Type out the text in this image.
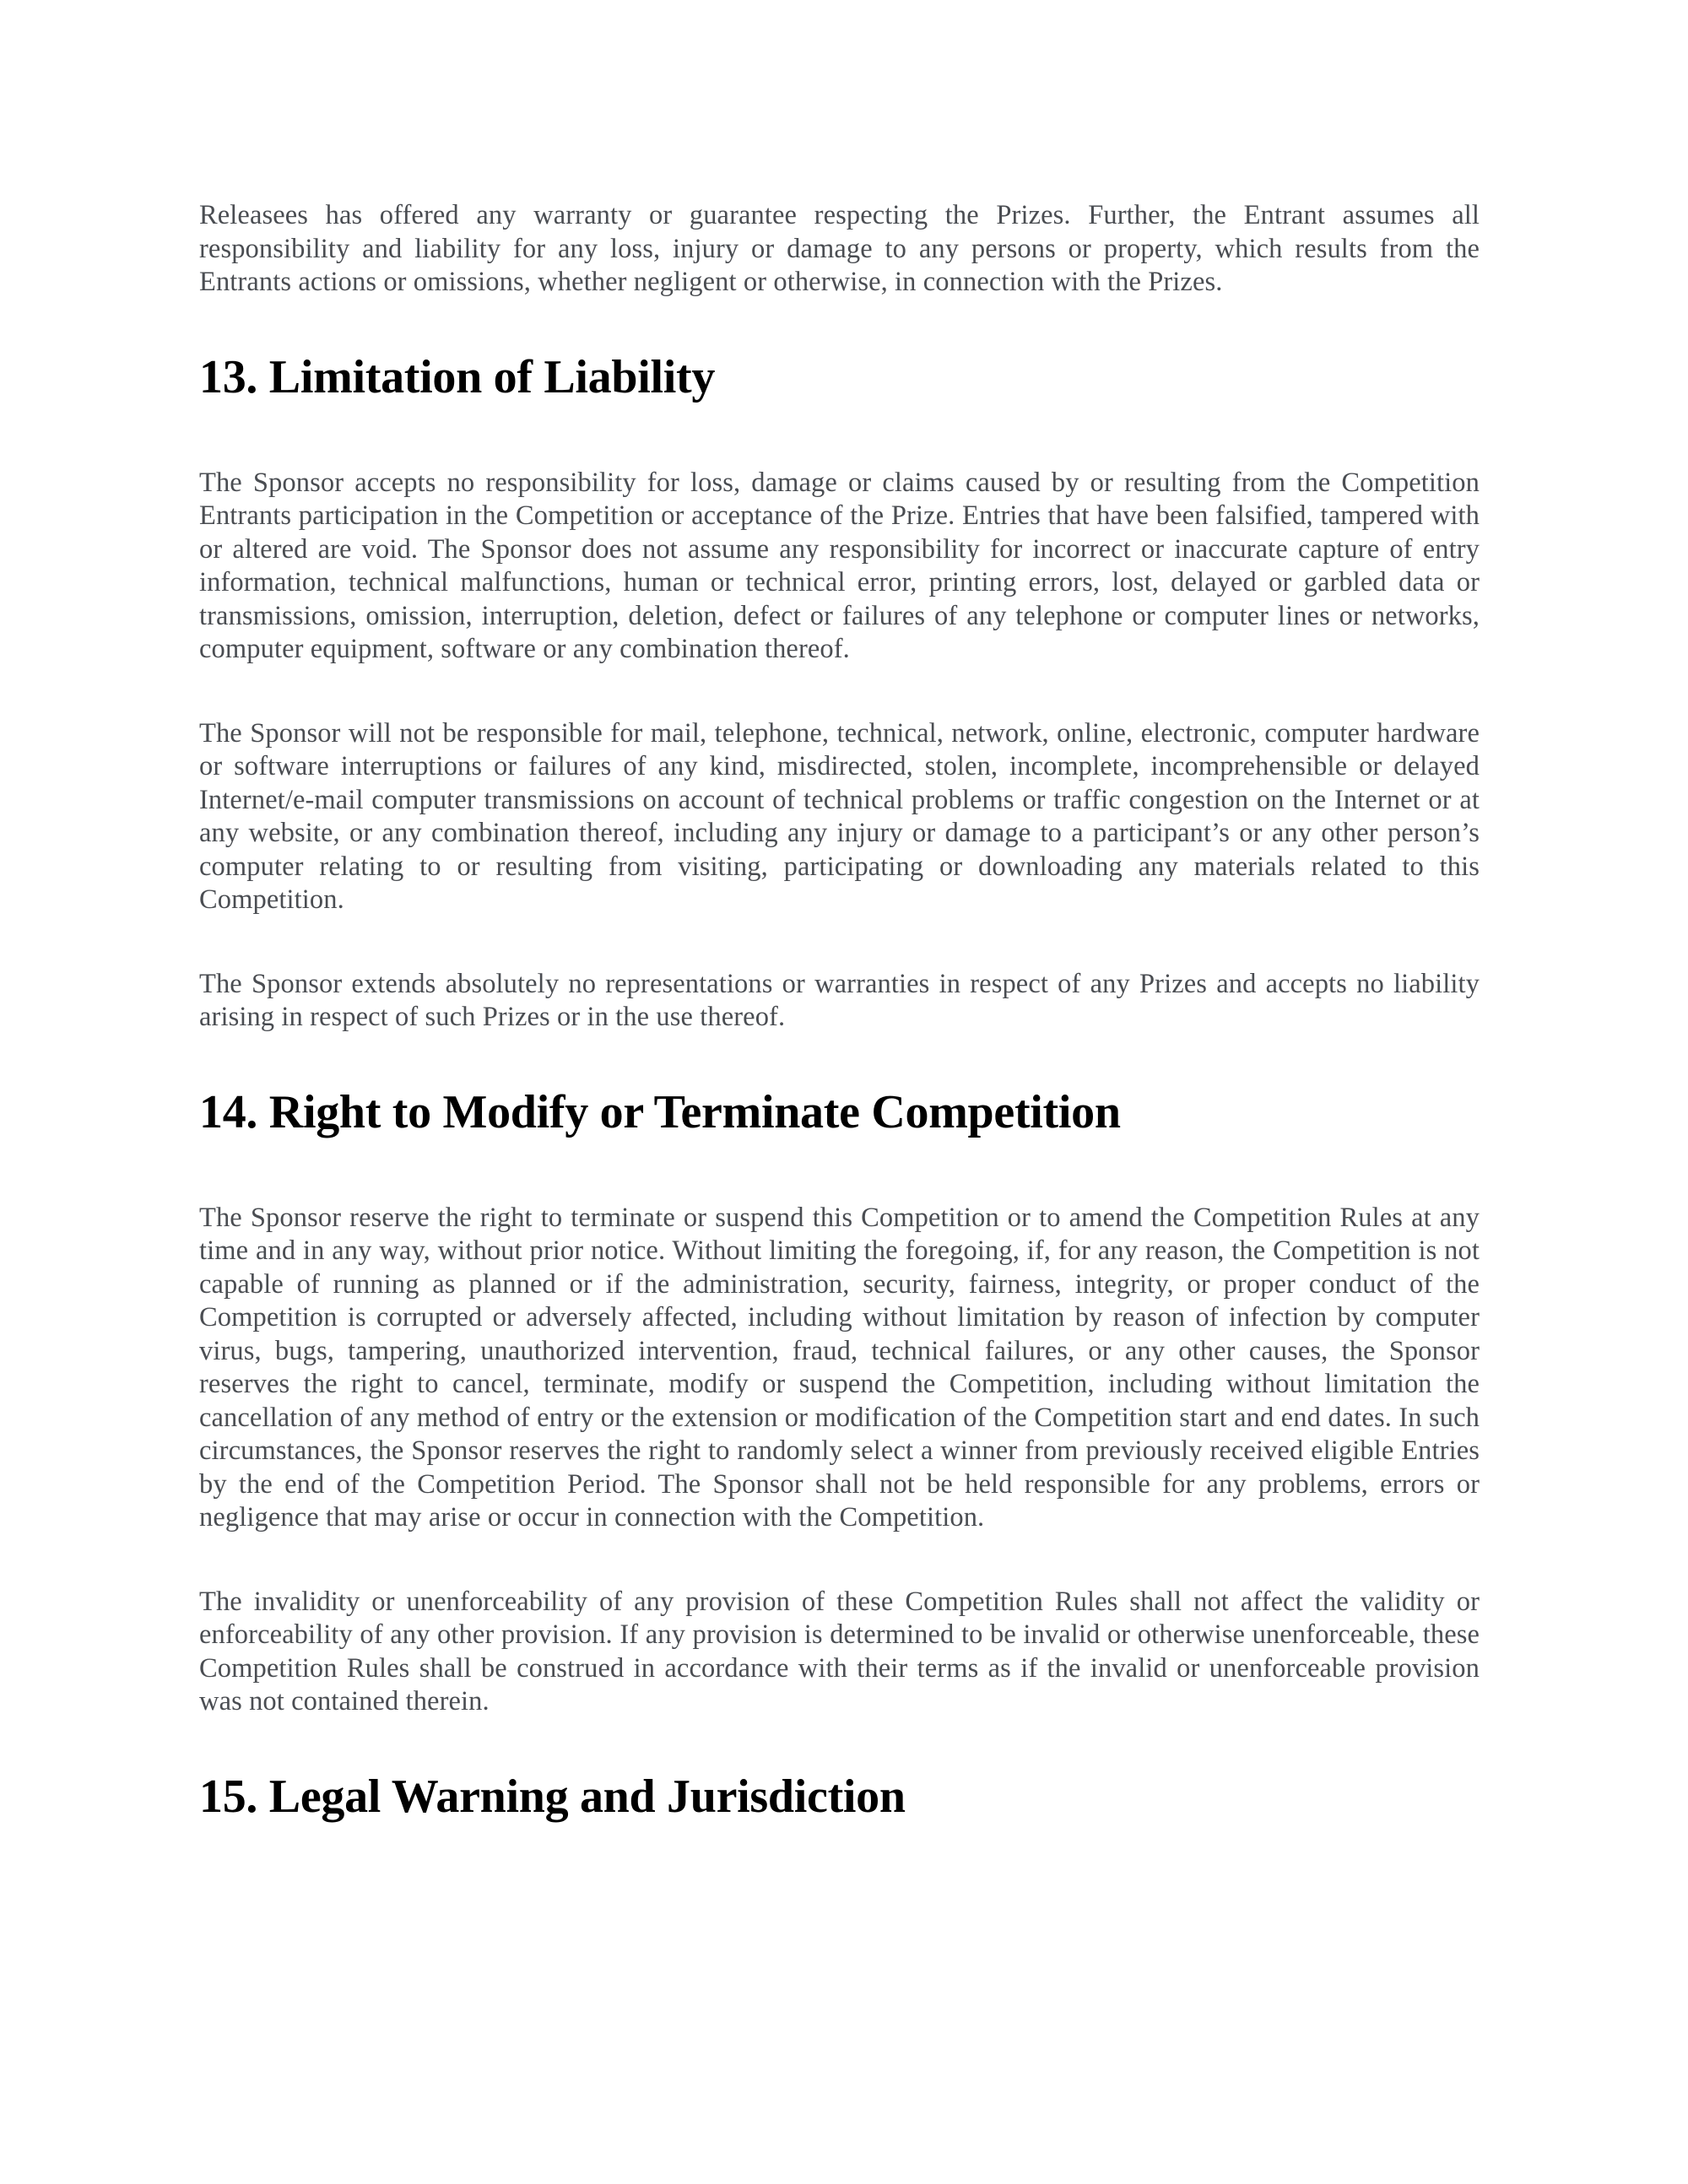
Releasees has offered any warranty or guarantee respecting the Prizes. Further, the Entrant assumes all responsibility and liability for any loss, injury or damage to any persons or property, which results from the Entrants actions or omissions, whether negligent or otherwise, in connection with the Prizes.

13. Limitation of Liability

The Sponsor accepts no responsibility for loss, damage or claims caused by or resulting from the Competition Entrants participation in the Competition or acceptance of the Prize. Entries that have been falsified, tampered with or altered are void. The Sponsor does not assume any responsibility for incorrect or inaccurate capture of entry information, technical malfunctions, human or technical error, printing errors, lost, delayed or garbled data or transmissions, omission, interruption, deletion, defect or failures of any telephone or computer lines or networks, computer equipment, software or any combination thereof.

The Sponsor will not be responsible for mail, telephone, technical, network, online, electronic, computer hardware or software interruptions or failures of any kind, misdirected, stolen, incomplete, incomprehensible or delayed Internet/e-mail computer transmissions on account of technical problems or traffic congestion on the Internet or at any website, or any combination thereof, including any injury or damage to a participant’s or any other person’s computer relating to or resulting from visiting, participating or downloading any materials related to this Competition.

The Sponsor extends absolutely no representations or warranties in respect of any Prizes and accepts no liability arising in respect of such Prizes or in the use thereof.

14. Right to Modify or Terminate Competition

The Sponsor reserve the right to terminate or suspend this Competition or to amend the Competition Rules at any time and in any way, without prior notice. Without limiting the foregoing, if, for any reason, the Competition is not capable of running as planned or if the administration, security, fairness, integrity, or proper conduct of the Competition is corrupted or adversely affected, including without limitation by reason of infection by computer virus, bugs, tampering, unauthorized intervention, fraud, technical failures, or any other causes, the Sponsor reserves the right to cancel, terminate, modify or suspend the Competition, including without limitation the cancellation of any method of entry or the extension or modification of the Competition start and end dates. In such circumstances, the Sponsor reserves the right to randomly select a winner from previously received eligible Entries by the end of the Competition Period. The Sponsor shall not be held responsible for any problems, errors or negligence that may arise or occur in connection with the Competition.

The invalidity or unenforceability of any provision of these Competition Rules shall not affect the validity or enforceability of any other provision. If any provision is determined to be invalid or otherwise unenforceable, these Competition Rules shall be construed in accordance with their terms as if the invalid or unenforceable provision was not contained therein.

15. Legal Warning and Jurisdiction
